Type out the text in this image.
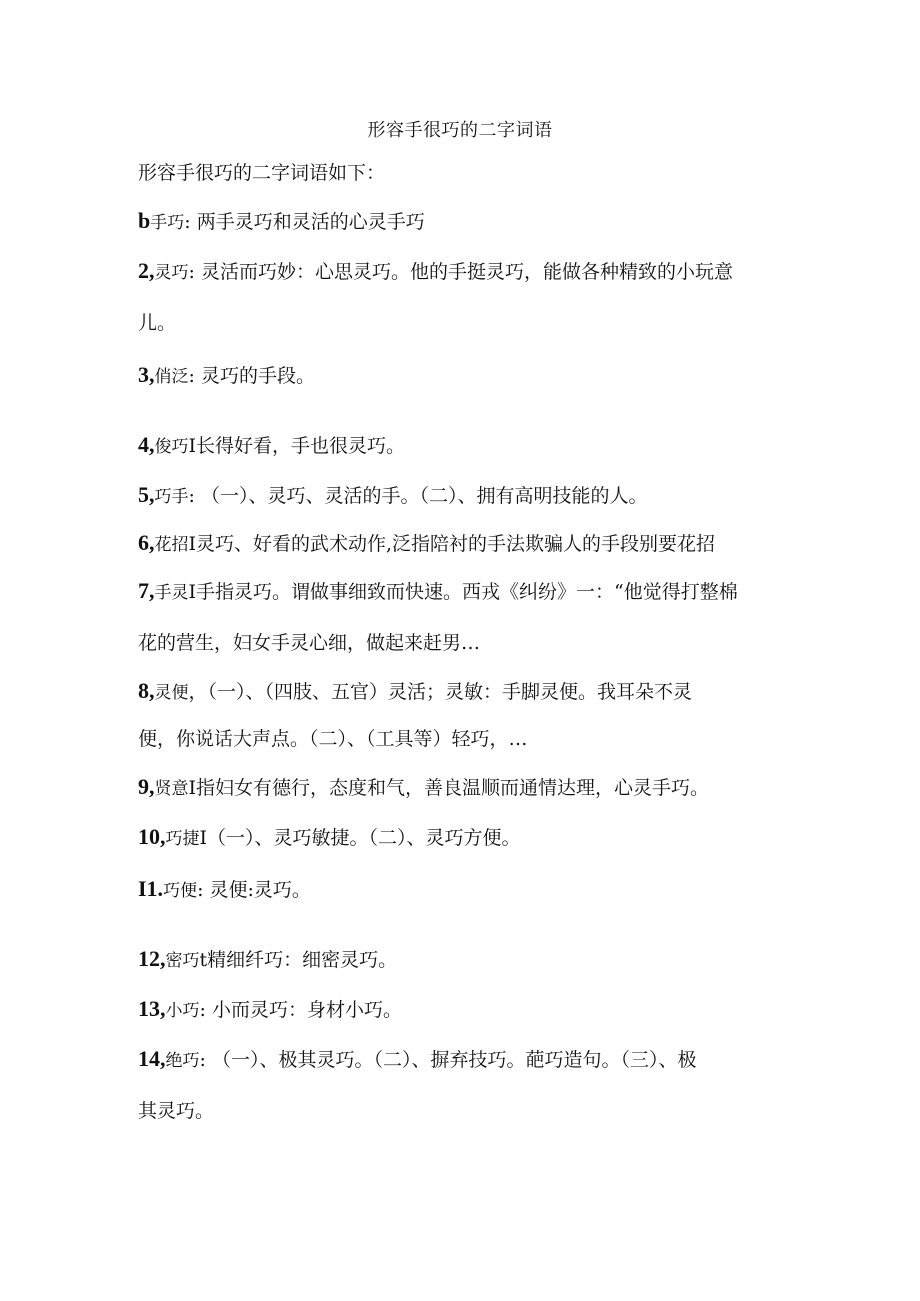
形容手很巧的二字词语
形容手很巧的二字词语如下：
b手巧: 两手灵巧和灵活的心灵手巧
2,灵巧: 灵活而巧妙：心思灵巧。他的手挺灵巧，能做各种精致的小玩意
儿。
3,俏泛: 灵巧的手段。
4,俊巧I长得好看，手也很灵巧。
5,巧手: （一）、灵巧、灵活的手。（二）、拥有高明技能的人。
6,花招I灵巧、好看的武术动作,泛指陪衬的手法欺骗人的手段别要花招
7,手灵I手指灵巧。谓做事细致而快速。西戎《纠纷》一：“他觉得打整棉
花的营生，妇女手灵心细，做起来赶男…
8,灵便，（一）、（四肢、五官）灵活；灵敏：手脚灵便。我耳朵不灵
便，你说话大声点。（二）、（工具等）轻巧，…
9,贤意I指妇女有德行，态度和气，善良温顺而通情达理，心灵手巧。
10,巧捷I（一）、灵巧敏捷。（二）、灵巧方便。
I1.巧便: 灵便:灵巧。
12,密巧t精细纤巧：细密灵巧。
13,小巧: 小而灵巧：身材小巧。
14,绝巧: （一）、极其灵巧。（二）、摒弃技巧。葩巧造句。（三）、极
其灵巧。
